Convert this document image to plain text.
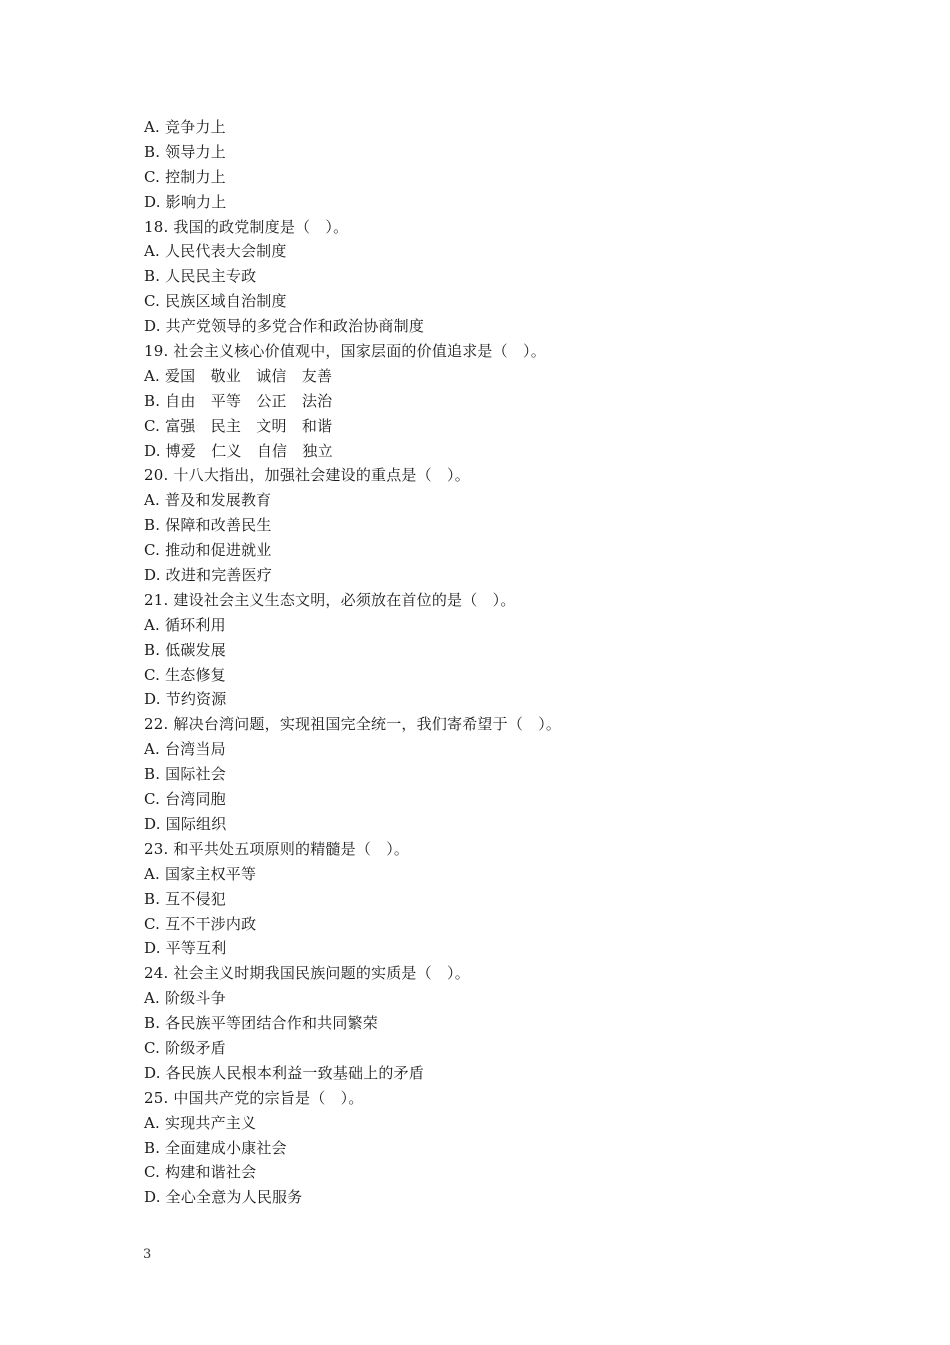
A. 竞争力上
B. 领导力上
C. 控制力上
D. 影响力上
18. 我国的政党制度是（　）。
A. 人民代表大会制度
B. 人民民主专政
C. 民族区域自治制度
D. 共产党领导的多党合作和政治协商制度
19. 社会主义核心价值观中，国家层面的价值追求是（　）。
A. 爱国　敬业　诚信　友善
B. 自由　平等　公正　法治
C. 富强　民主　文明　和谐
D. 博爱　仁义　自信　独立
20. 十八大指出，加强社会建设的重点是（　）。
A. 普及和发展教育
B. 保障和改善民生
C. 推动和促进就业
D. 改进和完善医疗
21. 建设社会主义生态文明，必须放在首位的是（　）。
A. 循环利用
B. 低碳发展
C. 生态修复
D. 节约资源
22. 解决台湾问题，实现祖国完全统一，我们寄希望于（　）。
A. 台湾当局
B. 国际社会
C. 台湾同胞
D. 国际组织
23. 和平共处五项原则的精髓是（　）。
A. 国家主权平等
B. 互不侵犯
C. 互不干涉内政
D. 平等互利
24. 社会主义时期我国民族问题的实质是（　）。
A. 阶级斗争
B. 各民族平等团结合作和共同繁荣
C. 阶级矛盾
D. 各民族人民根本利益一致基础上的矛盾
25. 中国共产党的宗旨是（　）。
A. 实现共产主义
B. 全面建成小康社会
C. 构建和谐社会
D. 全心全意为人民服务
3
